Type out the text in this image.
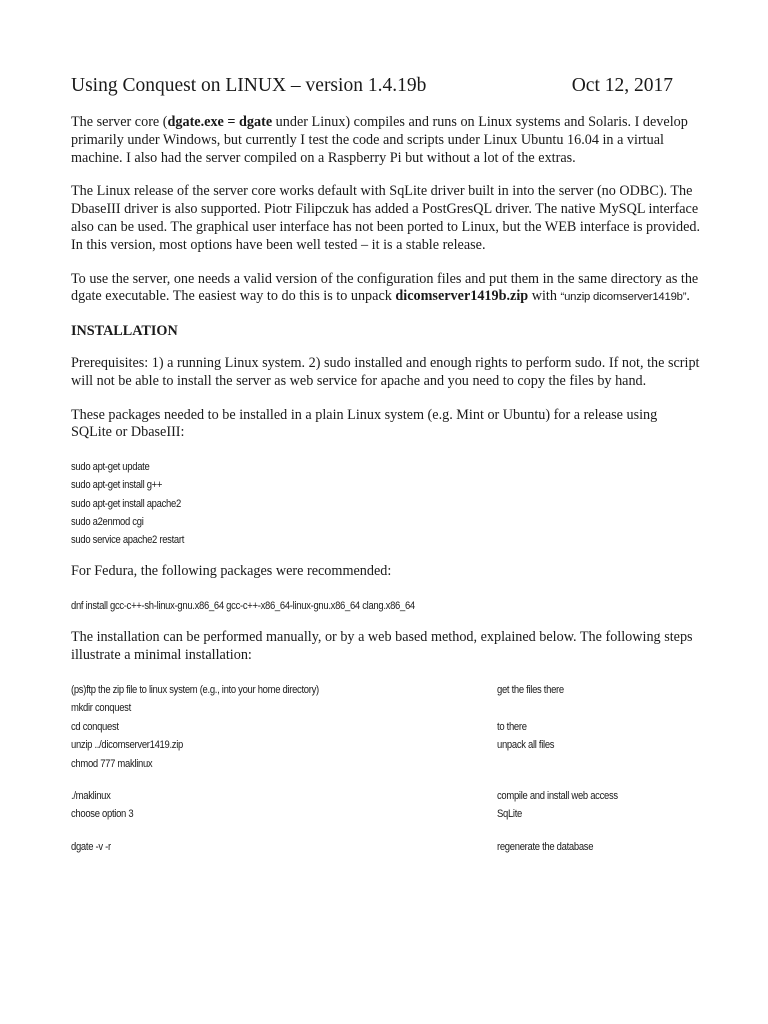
Using Conquest on LINUX – version 1.4.19b	Oct 12, 2017

The server core (dgate.exe = dgate under Linux) compiles and runs on Linux systems and Solaris. I develop primarily under Windows, but currently I test the code and scripts under Linux Ubuntu 16.04 in a virtual machine. I also had the server compiled on a Raspberry Pi but without a lot of the extras.

The Linux release of the server core works default with SqLite driver built in into the server (no ODBC). The DbaseIII driver is also supported. Piotr Filipczuk has added a PostGresQL driver. The native MySQL interface also can be used. The graphical user interface has not been ported to Linux, but the WEB interface is provided. In this version, most options have been well tested – it is a stable release.

To use the server, one needs a valid version of the configuration files and put them in the same directory as the dgate executable. The easiest way to do this is to unpack dicomserver1419b.zip with “unzip dicomserver1419b”.

INSTALLATION

Prerequisites: 1) a running Linux system. 2) sudo installed and enough rights to perform sudo. If not, the script will not be able to install the server as web service for apache and you need to copy the files by hand.

These packages needed to be installed in a plain Linux system (e.g. Mint or Ubuntu) for a release using SQLite or DbaseIII:

sudo apt-get update
sudo apt-get install g++
sudo apt-get install apache2
sudo a2enmod cgi
sudo service apache2 restart

For Fedura, the following packages were recommended:

dnf install gcc-c++-sh-linux-gnu.x86_64 gcc-c++-x86_64-linux-gnu.x86_64 clang.x86_64

The installation can be performed manually, or by a web based method, explained below. The following steps illustrate a minimal installation:

(ps)ftp the zip file to linux system (e.g., into your home directory)	get the files there
mkdir conquest
cd conquest	to there
unzip ../dicomserver1419.zip	unpack all files
chmod 777 maklinux
./maklinux	compile and install web access
choose option 3	SqLite
dgate -v -r	regenerate the database
